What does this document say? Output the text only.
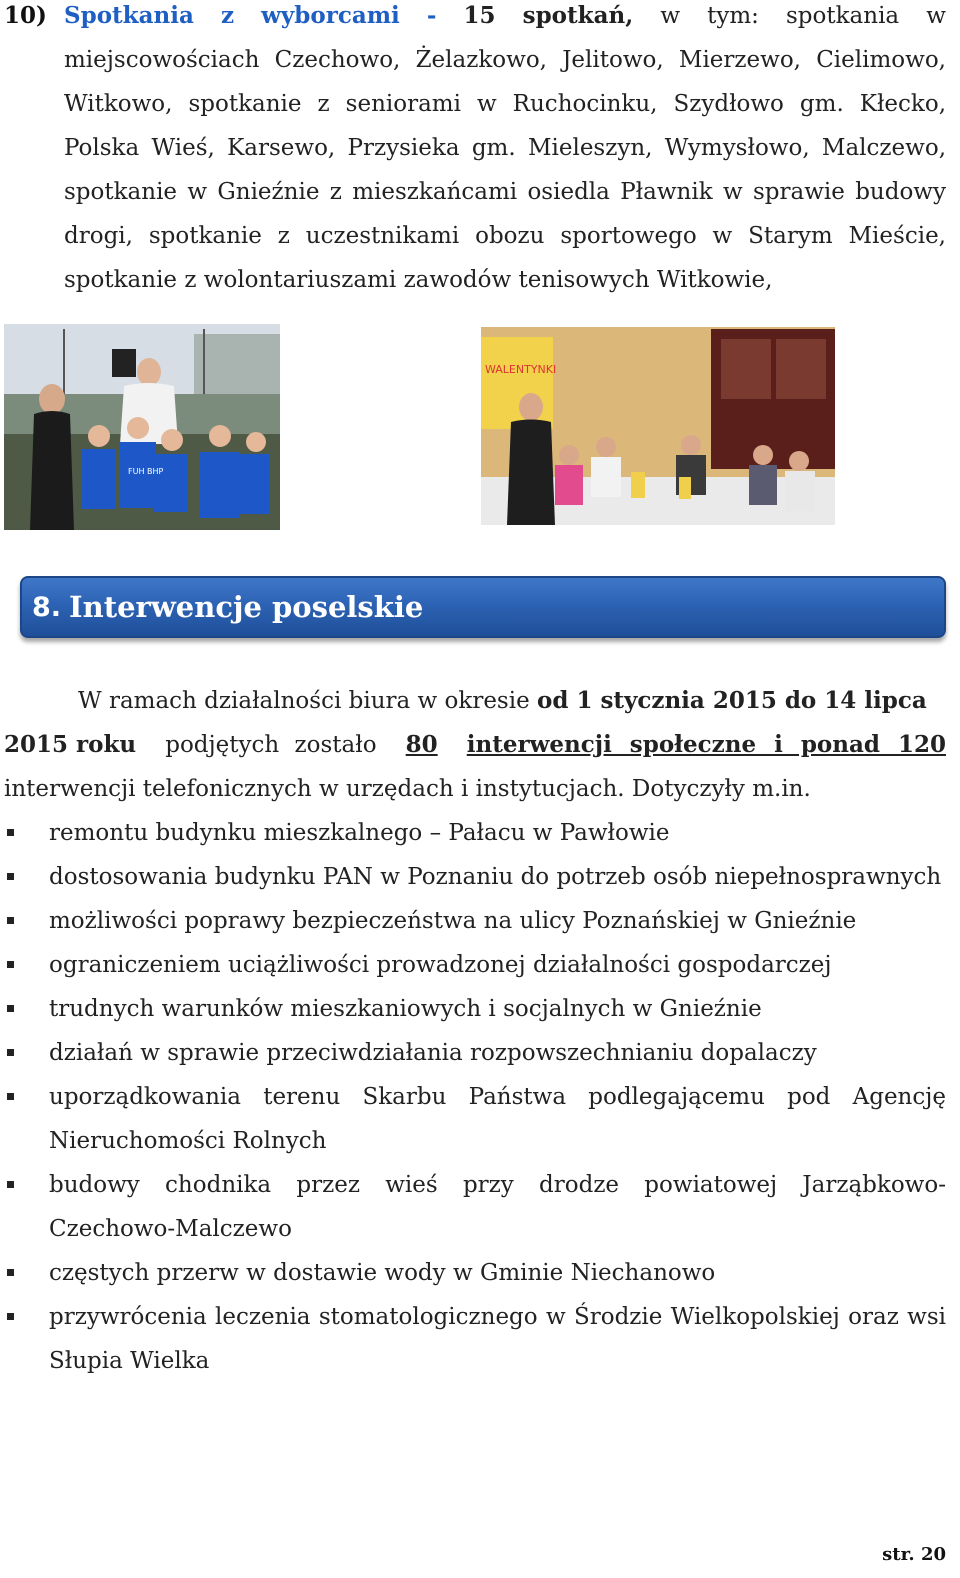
10) Spotkania z wyborcami - 15 spotkań, w tym: spotkania w
miejscowościach Czechowo, Żelazkowo, Jelitowo, Mierzewo, Cielimowo,
Witkowo, spotkanie z seniorami w Ruchocinku, Szydłowo gm. Kłecko,
Polska Wieś, Karsewo, Przysieka gm. Mieleszyn, Wymysłowo, Malczewo,
spotkanie w Gnieźnie z mieszkańcami osiedla Pławnik w sprawie budowy
drogi, spotkanie z uczestnikami obozu sportowego w Starym Mieście,
spotkanie z wolontariuszami zawodów tenisowych Witkowie,
FUH BHP
WALENTYNKI
8. Interwencje poselskie
W ramach działalności biura w okresie od 1 stycznia 2015 do 14 lipca
2015 roku podjętych zostało 80 interwencji społeczne i ponad 120
interwencji telefonicznych w urzędach i instytucjach. Dotyczyły m.in.
remontu budynku mieszkalnego – Pałacu w Pawłowie
dostosowania budynku PAN w Poznaniu do potrzeb osób niepełnosprawnych
możliwości poprawy bezpieczeństwa na ulicy Poznańskiej w Gnieźnie
ograniczeniem uciążliwości prowadzonej działalności gospodarczej
trudnych warunków mieszkaniowych i socjalnych w Gnieźnie
działań w sprawie przeciwdziałania rozpowszechnianiu dopalaczy
uporządkowania terenu Skarbu Państwa podlegającemu pod Agencję Nieruchomości Rolnych
budowy chodnika przez wieś przy drodze powiatowej Jarząbkowo-Czechowo-Malczewo
częstych przerw w dostawie wody w Gminie Niechanowo
przywrócenia leczenia stomatologicznego w Środzie Wielkopolskiej oraz wsi Słupia Wielka
str. 20
